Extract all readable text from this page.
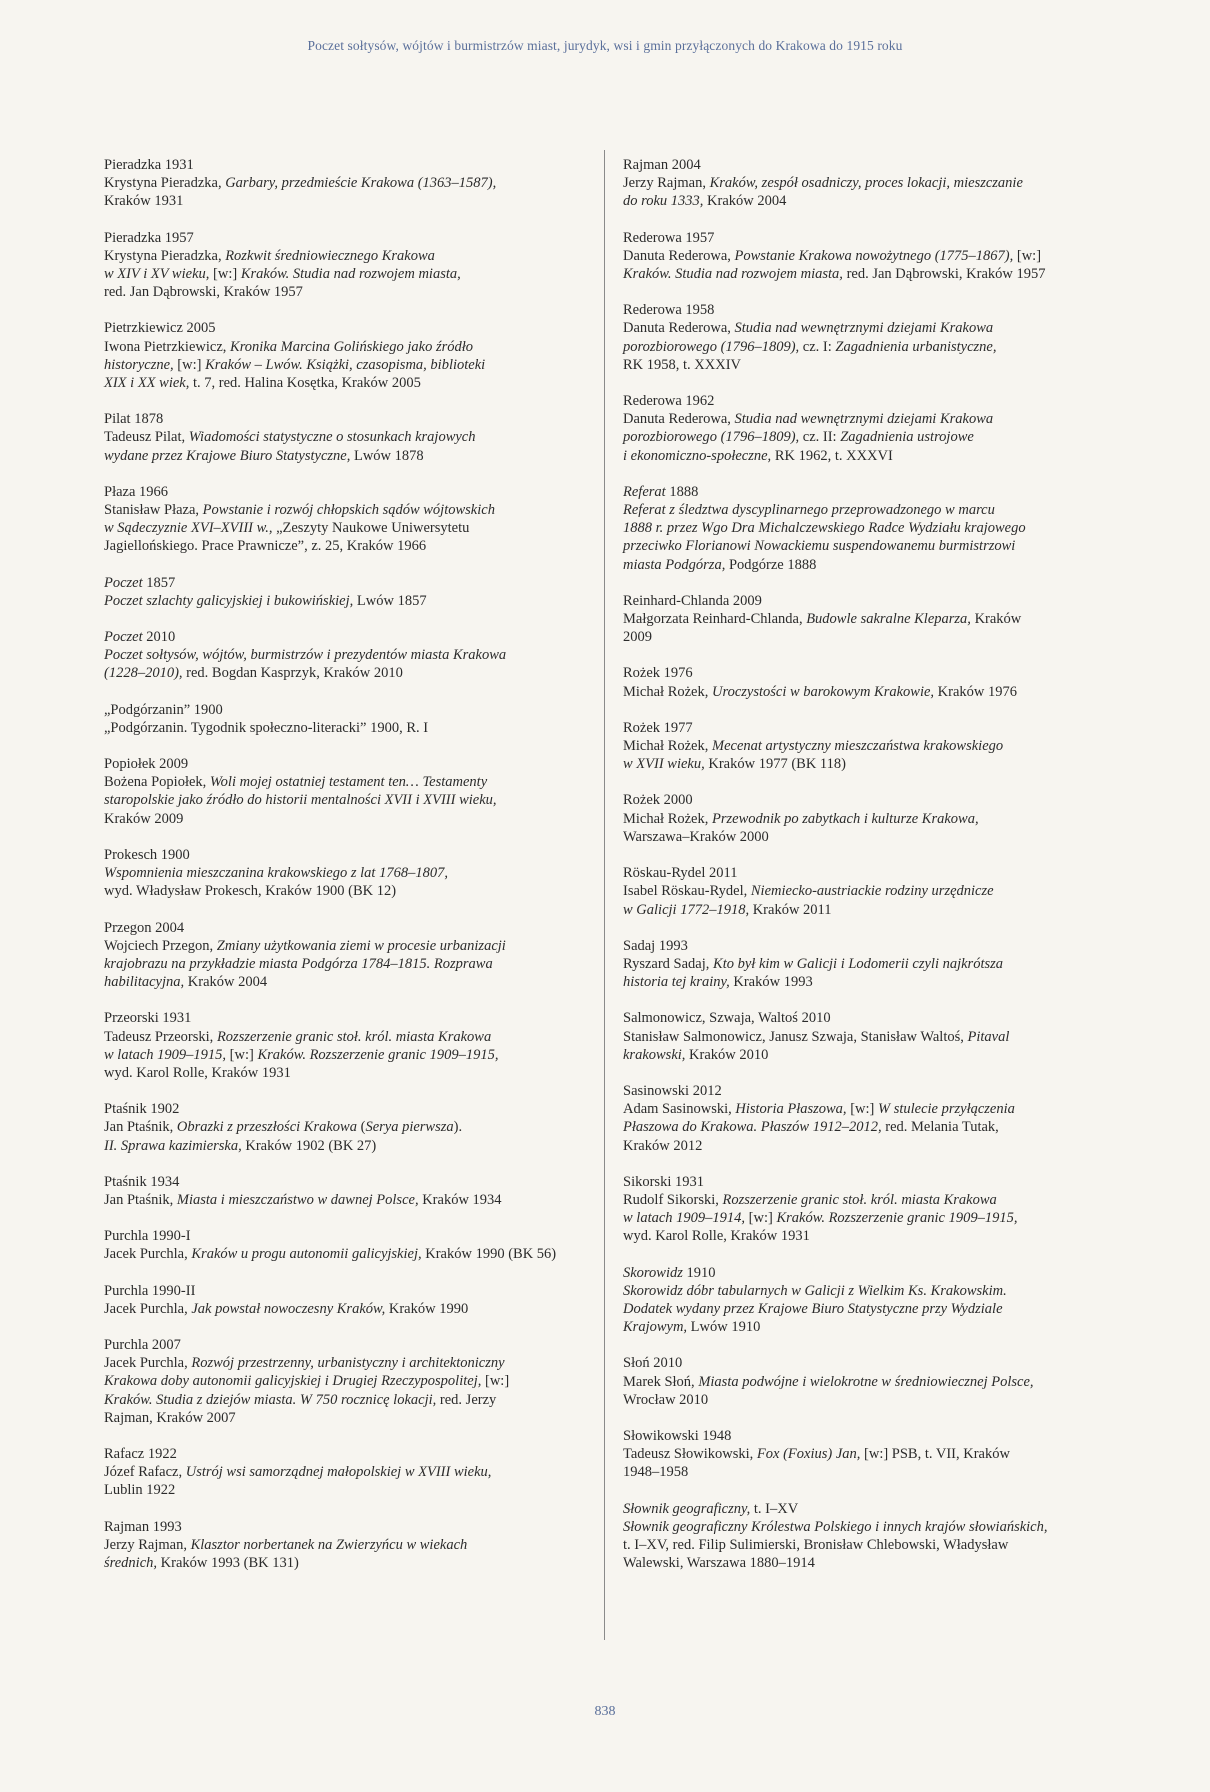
Poczet sołtysów, wójtów i burmistrzów miast, jurydyk, wsi i gmin przyłączonych do Krakowa do 1915 roku
Pieradzka 1931
Krystyna Pieradzka, Garbary, przedmieście Krakowa (1363–1587),
Kraków 1931
Pieradzka 1957
Krystyna Pieradzka, Rozkwit średniowiecznego Krakowa
w XIV i XV wieku, [w:] Kraków. Studia nad rozwojem miasta,
red. Jan Dąbrowski, Kraków 1957
Pietrzkiewicz 2005
Iwona Pietrzkiewicz, Kronika Marcina Golińskiego jako źródło
historyczne, [w:] Kraków – Lwów. Książki, czasopisma, biblioteki
XIX i XX wiek, t. 7, red. Halina Kosętka, Kraków 2005
Pilat 1878
Tadeusz Pilat, Wiadomości statystyczne o stosunkach krajowych
wydane przez Krajowe Biuro Statystyczne, Lwów 1878
Płaza 1966
Stanisław Płaza, Powstanie i rozwój chłopskich sądów wójtowskich
w Sądeczyznie XVI–XVIII w., „Zeszyty Naukowe Uniwersytetu
Jagiellońskiego. Prace Prawnicze”, z. 25, Kraków 1966
Poczet 1857
Poczet szlachty galicyjskiej i bukowińskiej, Lwów 1857
Poczet 2010
Poczet sołtysów, wójtów, burmistrzów i prezydentów miasta Krakowa
(1228–2010), red. Bogdan Kasprzyk, Kraków 2010
„Podgórzanin” 1900
„Podgórzanin. Tygodnik społeczno-literacki” 1900, R. I
Popiołek 2009
Bożena Popiołek, Woli mojej ostatniej testament ten… Testamenty
staropolskie jako źródło do historii mentalności XVII i XVIII wieku,
Kraków 2009
Prokesch 1900
Wspomnienia mieszczanina krakowskiego z lat 1768–1807,
wyd. Władysław Prokesch, Kraków 1900 (BK 12)
Przegon 2004
Wojciech Przegon, Zmiany użytkowania ziemi w procesie urbanizacji
krajobrazu na przykładzie miasta Podgórza 1784–1815. Rozprawa
habilitacyjna, Kraków 2004
Przeorski 1931
Tadeusz Przeorski, Rozszerzenie granic stoł. król. miasta Krakowa
w latach 1909–1915, [w:] Kraków. Rozszerzenie granic 1909–1915,
wyd. Karol Rolle, Kraków 1931
Ptaśnik 1902
Jan Ptaśnik, Obrazki z przeszłości Krakowa (Serya pierwsza).
II. Sprawa kazimierska, Kraków 1902 (BK 27)
Ptaśnik 1934
Jan Ptaśnik, Miasta i mieszczaństwo w dawnej Polsce, Kraków 1934
Purchla 1990-I
Jacek Purchla, Kraków u progu autonomii galicyjskiej, Kraków 1990 (BK 56)
Purchla 1990-II
Jacek Purchla, Jak powstał nowoczesny Kraków, Kraków 1990
Purchla 2007
Jacek Purchla, Rozwój przestrzenny, urbanistyczny i architektoniczny
Krakowa doby autonomii galicyjskiej i Drugiej Rzeczypospolitej, [w:]
Kraków. Studia z dziejów miasta. W 750 rocznicę lokacji, red. Jerzy
Rajman, Kraków 2007
Rafacz 1922
Józef Rafacz, Ustrój wsi samorządnej małopolskiej w XVIII wieku,
Lublin 1922
Rajman 1993
Jerzy Rajman, Klasztor norbertanek na Zwierzyńcu w wiekach
średnich, Kraków 1993 (BK 131)
Rajman 2004
Jerzy Rajman, Kraków, zespół osadniczy, proces lokacji, mieszczanie
do roku 1333, Kraków 2004
Rederowa 1957
Danuta Rederowa, Powstanie Krakowa nowożytnego (1775–1867), [w:]
Kraków. Studia nad rozwojem miasta, red. Jan Dąbrowski, Kraków 1957
Rederowa 1958
Danuta Rederowa, Studia nad wewnętrznymi dziejami Krakowa
porozbiorowego (1796–1809), cz. I: Zagadnienia urbanistyczne,
RK 1958, t. XXXIV
Rederowa 1962
Danuta Rederowa, Studia nad wewnętrznymi dziejami Krakowa
porozbiorowego (1796–1809), cz. II: Zagadnienia ustrojowe
i ekonomiczno-społeczne, RK 1962, t. XXXVI
Referat 1888
Referat z śledztwa dyscyplinarnego przeprowadzonego w marcu
1888 r. przez Wgo Dra Michalczewskiego Radce Wydziału krajowego
przeciwko Florianowi Nowackiemu suspendowanemu burmistrzowi
miasta Podgórza, Podgórze 1888
Reinhard-Chlanda 2009
Małgorzata Reinhard-Chlanda, Budowle sakralne Kleparza, Kraków
2009
Rożek 1976
Michał Rożek, Uroczystości w barokowym Krakowie, Kraków 1976
Rożek 1977
Michał Rożek, Mecenat artystyczny mieszczaństwa krakowskiego
w XVII wieku, Kraków 1977 (BK 118)
Rożek 2000
Michał Rożek, Przewodnik po zabytkach i kulturze Krakowa,
Warszawa–Kraków 2000
Röskau-Rydel 2011
Isabel Röskau-Rydel, Niemiecko-austriackie rodziny urzędnicze
w Galicji 1772–1918, Kraków 2011
Sadaj 1993
Ryszard Sadaj, Kto był kim w Galicji i Lodomerii czyli najkrótsza
historia tej krainy, Kraków 1993
Salmonowicz, Szwaja, Waltoś 2010
Stanisław Salmonowicz, Janusz Szwaja, Stanisław Waltoś, Pitaval
krakowski, Kraków 2010
Sasinowski 2012
Adam Sasinowski, Historia Płaszowa, [w:] W stulecie przyłączenia
Płaszowa do Krakowa. Płaszów 1912–2012, red. Melania Tutak,
Kraków 2012
Sikorski 1931
Rudolf Sikorski, Rozszerzenie granic stoł. król. miasta Krakowa
w latach 1909–1914, [w:] Kraków. Rozszerzenie granic 1909–1915,
wyd. Karol Rolle, Kraków 1931
Skorowidz 1910
Skorowidz dóbr tabularnych w Galicji z Wielkim Ks. Krakowskim.
Dodatek wydany przez Krajowe Biuro Statystyczne przy Wydziale
Krajowym, Lwów 1910
Słoń 2010
Marek Słoń, Miasta podwójne i wielokrotne w średniowiecznej Polsce,
Wrocław 2010
Słowikowski 1948
Tadeusz Słowikowski, Fox (Foxius) Jan, [w:] PSB, t. VII, Kraków
1948–1958
Słownik geograficzny, t. I–XV
Słownik geograficzny Królestwa Polskiego i innych krajów słowiańskich,
t. I–XV, red. Filip Sulimierski, Bronisław Chlebowski, Władysław
Walewski, Warszawa 1880–1914
838
